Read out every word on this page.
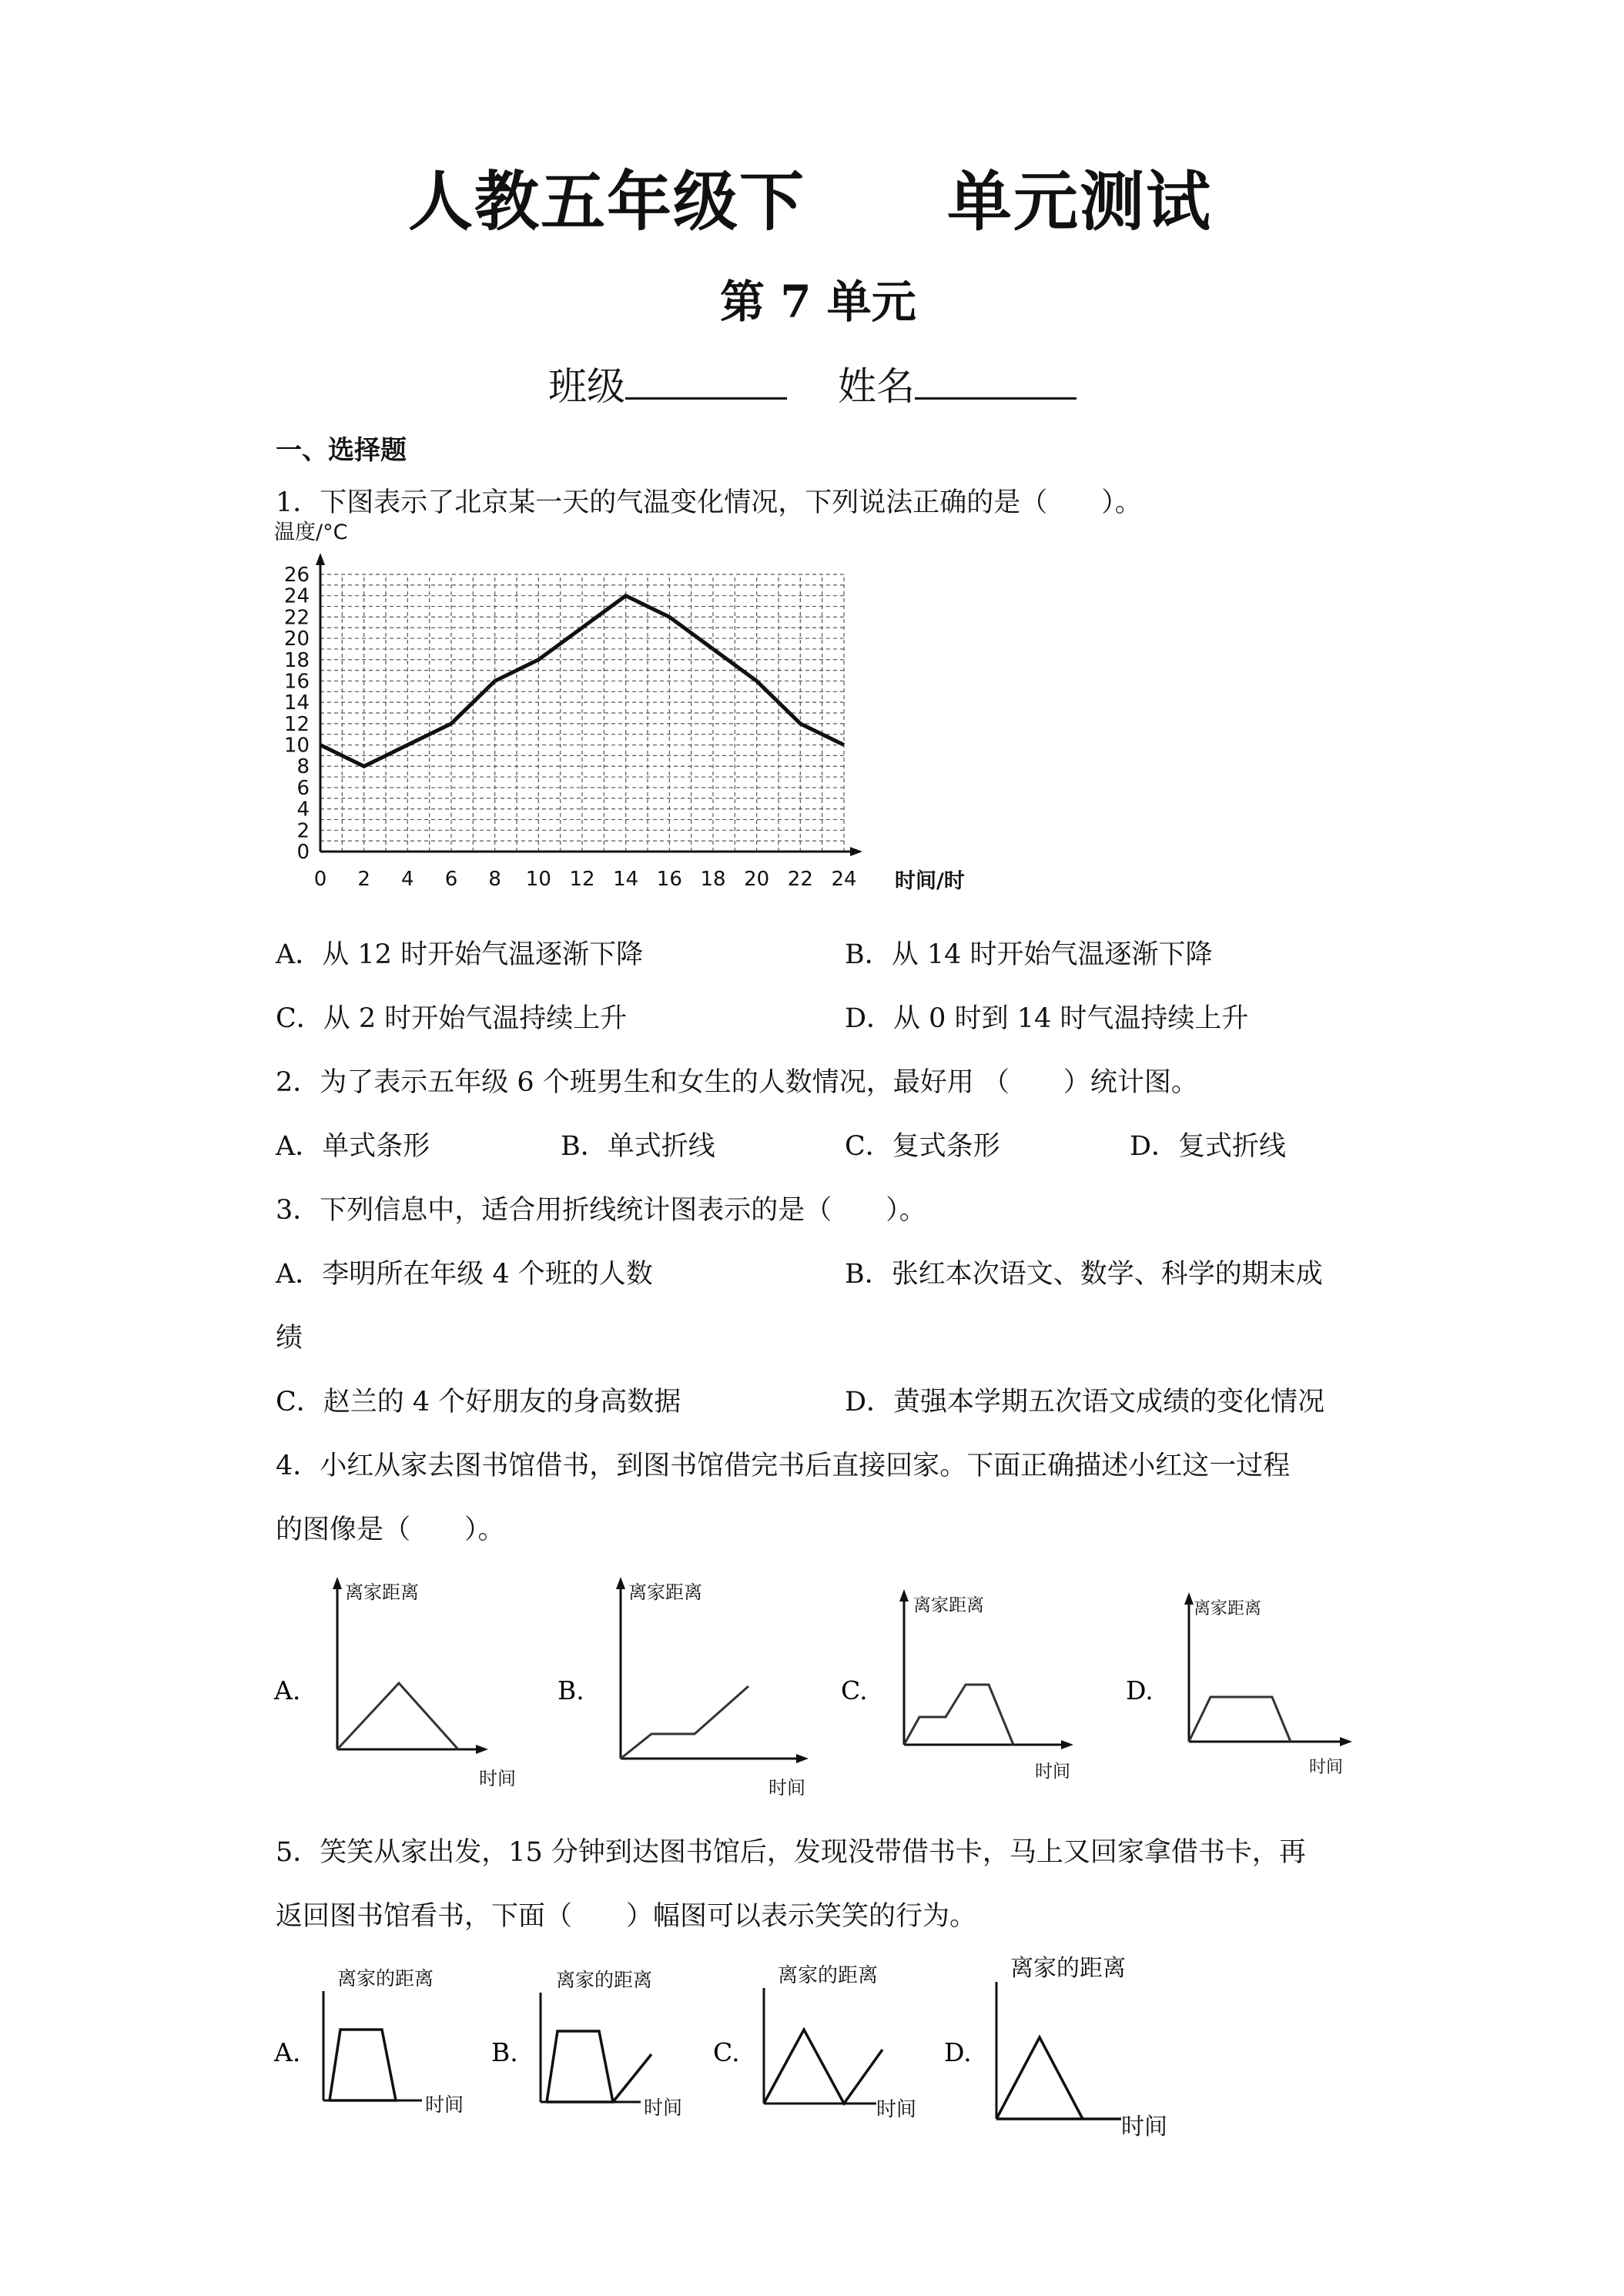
人教五年级下 单元测试
第 7 单元
班级	姓名
一、选择题
1．下图表示了北京某一天的气温变化情况，下列说法正确的是（　　）。
温度/°C
0
2
4
6
8
10
12
14
16
18
20
22
24
26
0 2 4 6 8 10 12 14 16 18 20 22 24 时间/时
A．从 12 时开始气温逐渐下降	B．从 14 时开始气温逐渐下降
C．从 2 时开始气温持续上升	D．从 0 时到 14 时气温持续上升
2．为了表示五年级 6 个班男生和女生的人数情况，最好用 （　　）统计图。
A．单式条形	B．单式折线	C．复式条形	D．复式折线
3．下列信息中，适合用折线统计图表示的是（　　）。
A．李明所在年级 4 个班的人数	B．张红本次语文、数学、科学的期末成
绩
C．赵兰的 4 个好朋友的身高数据	D．黄强本学期五次语文成绩的变化情况
4．小红从家去图书馆借书，到图书馆借完书后直接回家。下面正确描述小红这一过程
的图像是（　　）。
A.
离家距离
时间
B.
离家距离
时间
C.
离家距离
时间
D.
离家距离
时间
5．笑笑从家出发，15 分钟到达图书馆后，发现没带借书卡，马上又回家拿借书卡，再
返回图书馆看书，下面（　　）幅图可以表示笑笑的行为。
A.
离家的距离
时间
B.
离家的距离
时间
C.
离家的距离
时间
D.
离家的距离
时间
